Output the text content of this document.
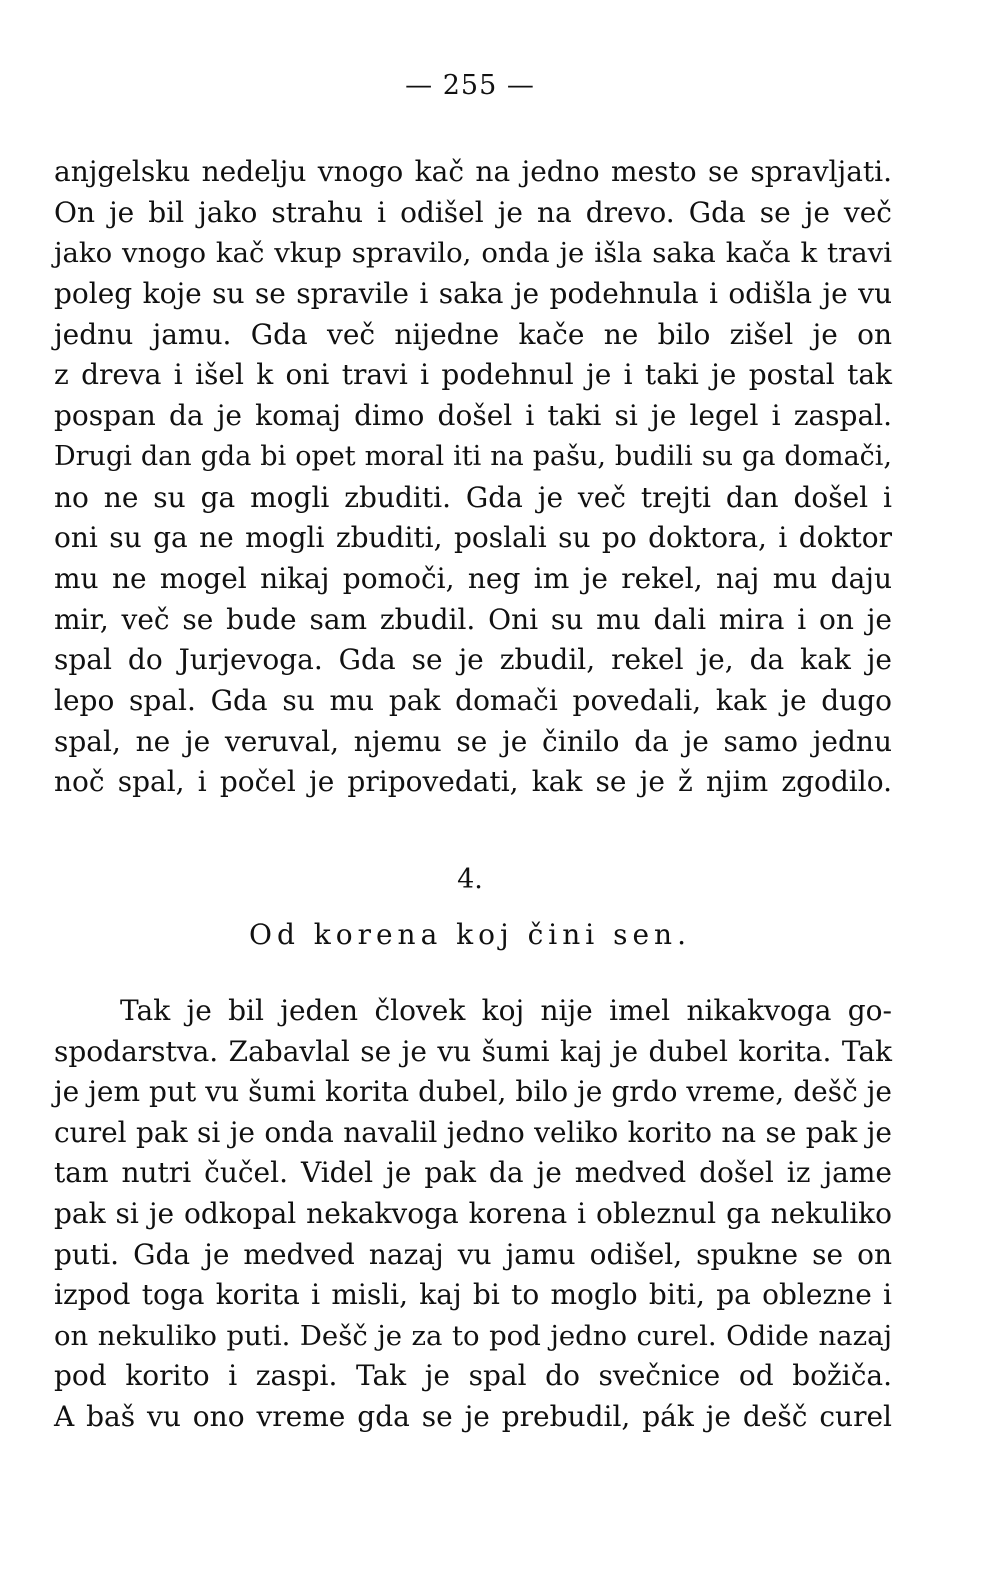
— 255 —
anjgelsku nedelju vnogo kač na jedno mesto se spravljati.
On je bil jako strahu i odišel je na drevo. Gda se je več
jako vnogo kač vkup spravilo, onda je išla saka kača k travi
poleg koje su se spravile i saka je podehnula i odišla je vu
jednu jamu. Gda več nijedne kače ne bilo zišel je on
z dreva i išel k oni travi i podehnul je i taki je postal tak
pospan da je komaj dimo došel i taki si je legel i zaspal.
Drugi dan gda bi opet moral iti na pašu, budili su ga domači,
no ne su ga mogli zbuditi. Gda je več trejti dan došel i
oni su ga ne mogli zbuditi, poslali su po doktora, i doktor
mu ne mogel nikaj pomoči, neg im je rekel, naj mu daju
mir, več se bude sam zbudil. Oni su mu dali mira i on je
spal do Jurjevoga. Gda se je zbudil, rekel je, da kak je
lepo spal. Gda su mu pak domači povedali, kak je dugo
spal, ne je veruval, njemu se je činilo da je samo jednu
noč spal, i počel je pripovedati, kak se je ž njim zgodilo.
4.
Od korena koj čini sen.
Tak je bil jeden človek koj nije imel nikakvoga go-
spodarstva. Zabavlal se je vu šumi kaj je dubel korita. Tak
je jem put vu šumi korita dubel, bilo je grdo vreme, dešč je
curel pak si je onda navalil jedno veliko korito na se pak je
tam nutri čučel. Videl je pak da je medved došel iz jame
pak si je odkopal nekakvoga korena i obleznul ga nekuliko
puti. Gda je medved nazaj vu jamu odišel, spukne se on
izpod toga korita i misli, kaj bi to moglo biti, pa oblezne i
on nekuliko puti. Dešč je za to pod jedno curel. Odide nazaj
pod korito i zaspi. Tak je spal do svečnice od božiča.
A baš vu ono vreme gda se je prebudil, pák je dešč curel
